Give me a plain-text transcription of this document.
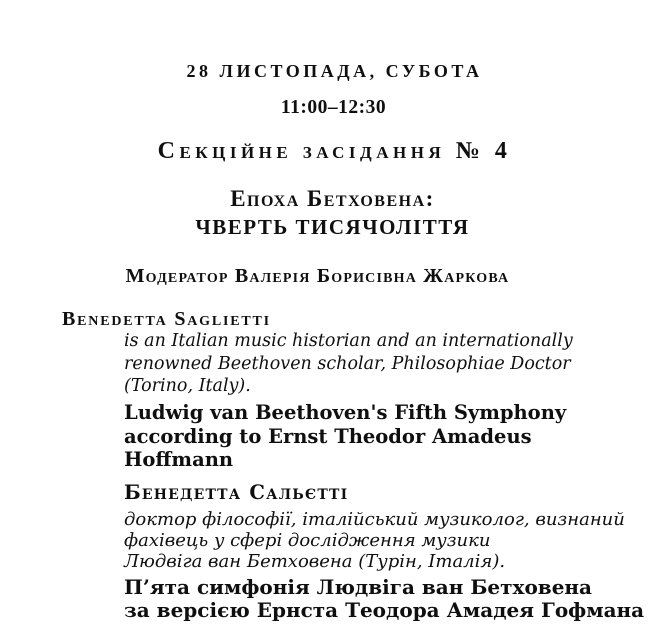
28 ЛИСТОПАДА, СУБОТА
11:00–12:30
Секційне засідання № 4
Епоха Бетховена:
ЧВЕРТЬ ТИСЯЧОЛІТТЯ
Модератор Валерія Борисівна Жаркова
Benedetta Saglietti
is an Italian music historian and an internationally
renowned Beethoven scholar, Philosophiae Doctor
(Torino, Italy).
Ludwig van Beethoven's Fifth Symphony
according to Ernst Theodor Amadeus
Hoffmann
Бенедетта Сальєтті
доктор філософії, італійський музиколог, визнаний
фахівець у сфері дослідження музики
Людвіга ван Бетховена (Турін, Італія).
П’ята симфонія Людвіга ван Бетховена
за версією Ернста Теодора Амадея Гофмана
